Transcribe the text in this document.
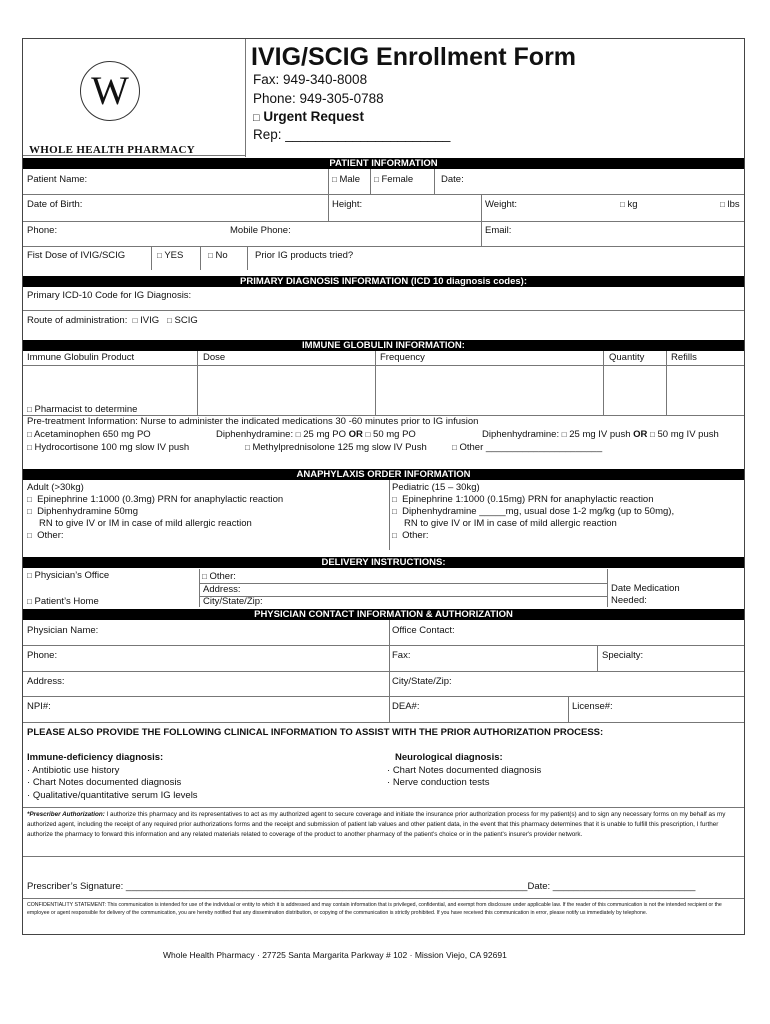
W
WHOLE HEALTH PHARMACY
IVIG/SCIG Enrollment Form
Fax: 949-340-8008
Phone: 949-305-0788
□ Urgent Request
Rep: ______________________
PATIENT INFORMATION
Patient Name:	□ Male □ Female	Date:
Date of Birth:	Height:	Weight:	□ kg	□ lbs
Phone:	Mobile Phone:	Email:
Fist Dose of IVIG/SCIG	□ YES	□ No	Prior IG products tried?
PRIMARY DIAGNOSIS INFORMATION (ICD 10 diagnosis codes):
Primary ICD-10 Code for IG Diagnosis:
Route of administration: □ IVIG □ SCIG
IMMUNE GLOBULIN INFORMATION:
Immune Globulin Product	Dose	Frequency	Quantity	Refills
□ Pharmacist to determine
Pre-treatment Information: Nurse to administer the indicated medications 30 -60 minutes prior to IG infusion
□ Acetaminophen 650 mg PO	Diphenhydramine: □ 25 mg PO OR □ 50 mg PO	Diphenhydramine: □ 25 mg IV push OR □ 50 mg IV push
□ Hydrocortisone 100 mg slow IV push	□ Methylprednisolone 125 mg slow IV Push	□ Other ______________________
ANAPHYLAXIS ORDER INFORMATION
Adult (>30kg)
□ Epinephrine 1:1000 (0.3mg) PRN for anaphylactic reaction
□ Diphenhydramine 50mg
RN to give IV or IM in case of mild allergic reaction
□ Other:
Pediatric (15 – 30kg)
□ Epinephrine 1:1000 (0.15mg) PRN for anaphylactic reaction
□ Diphenhydramine _____mg, usual dose 1-2 mg/kg (up to 50mg),
RN to give IV or IM in case of mild allergic reaction
□ Other:
DELIVERY INSTRUCTIONS:
□ Physician’s Office
□ Patient’s Home
□ Other:
Address:
City/State/Zip:
Date Medication
Needed:
PHYSICIAN CONTACT INFORMATION & AUTHORIZATION
Physician Name:	Office Contact:
Phone:	Fax:	Specialty:
Address:	City/State/Zip:
NPI#:	DEA#:	License#:
PLEASE ALSO PROVIDE THE FOLLOWING CLINICAL INFORMATION TO ASSIST WITH THE PRIOR AUTHORIZATION PROCESS:
Immune-deficiency diagnosis:
· Antibiotic use history
· Chart Notes documented diagnosis
· Qualitative/quantitative serum IG levels
Neurological diagnosis:
· Chart Notes documented diagnosis
· Nerve conduction tests
*Prescriber Authorization: I authorize this pharmacy and its representatives to act as my authorized agent to secure coverage and initiate the insurance prior authorization process for my patient(s) and to sign any necessary forms on my behalf as my authorized agent, including the receipt of any required prior authorizations forms and the receipt and submission of patient lab values and other patient data, in the event that this pharmacy determines that it is unable to fulfill this prescription, I further authorize the pharmacy to forward this information and any related materials related to coverage of the product to another pharmacy of the patient's choice or in the patient's insurer's provider network.
Prescriber’s Signature: ____________________________________________________________________________Date: ___________________________
CONFIDENTIALITY STATEMENT: This communication is intended for use of the individual or entity to which it is addressed and may contain information that is privileged, confidential, and exempt from disclosure under applicable law. If the reader of this communication is not the intended recipient or the employee or agent responsible for delivery of the communication, you are hereby notified that any dissemination distribution, or copying of the communication is strictly prohibited. If you have received this communication in error, please notify us immediately by telephone.
Whole Health Pharmacy · 27725 Santa Margarita Parkway # 102 · Mission Viejo, CA 92691
